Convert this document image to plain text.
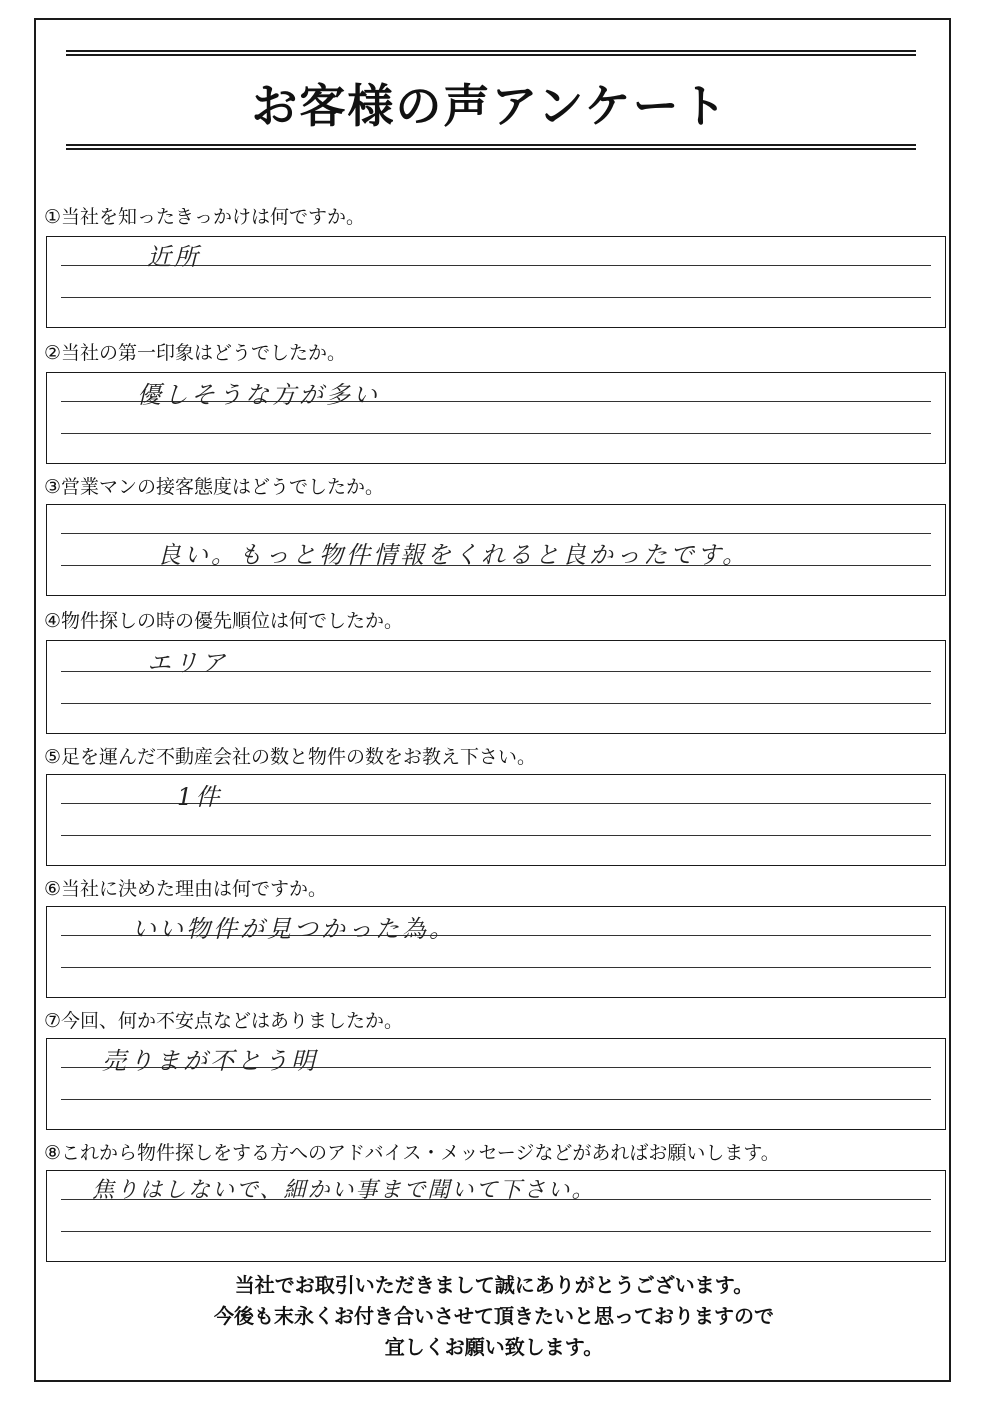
お客様の声アンケート
①当社を知ったきっかけは何ですか。
近所
②当社の第一印象はどうでしたか。
優しそうな方が多い
③営業マンの接客態度はどうでしたか。
良い。もっと物件情報をくれると良かったです。
④物件探しの時の優先順位は何でしたか。
エリア
⑤足を運んだ不動産会社の数と物件の数をお教え下さい。
1件
⑥当社に決めた理由は何ですか。
いい物件が見つかった為。
⑦今回、何か不安点などはありましたか。
売りまが不とう明
⑧これから物件探しをする方へのアドバイス・メッセージなどがあればお願いします。
焦りはしないで、細かい事まで聞いて下さい。
当社でお取引いただきまして誠にありがとうございます。
今後も末永くお付き合いさせて頂きたいと思っておりますので
宜しくお願い致します。
